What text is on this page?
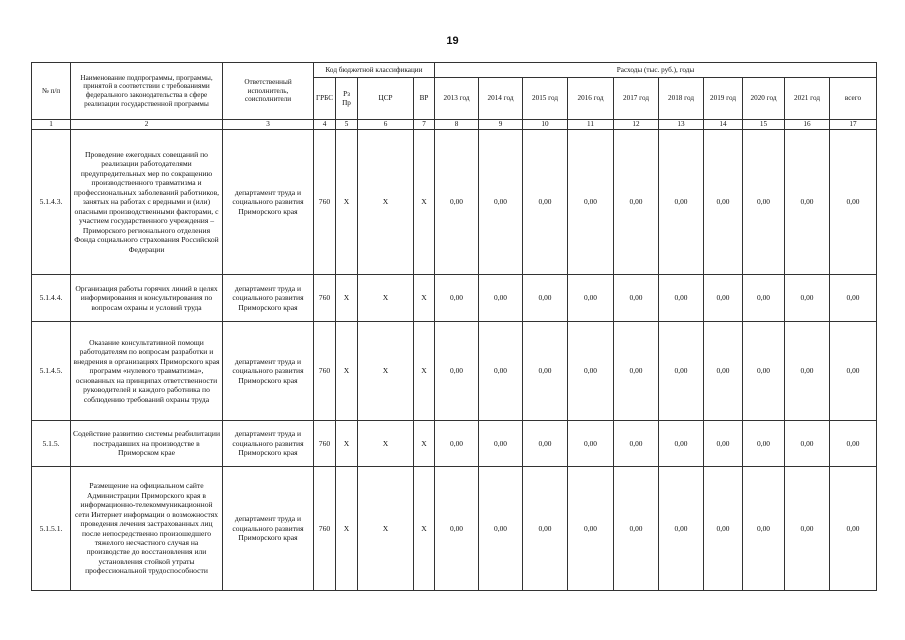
19
№ п/п	Наименование подпрограммы, программы, принятой в соответствии с требованиями федерального законодательства в сфере реализации государственной программы	Ответственный исполнитель, соисполнители	Код бюджетной классификации				Расходы (тыс. руб.), годы									
			ГРБС	Рз Пр	ЦСР	ВР	2013 год	2014 год	2015 год	2016 год	2017 год	2018 год	2019 год	2020 год	2021 год	всего
1	2	3	4	5	6	7	8	9	10	11	12	13	14	15	16	17
5.1.4.3.	Проведение ежегодных совещаний по реализации работодателями предупредительных мер по сокращению производственного травматизма и профессиональных заболеваний работников, занятых на работах с вредными и (или) опасными производственными факторами, с участием государственного учреждения – Приморского регионального отделения Фонда социального страхования Российской Федерации	департамент труда и социального развития Приморского края	760	X	X	X	0,00	0,00	0,00	0,00	0,00	0,00	0,00	0,00	0,00	0,00
5.1.4.4.	Организация работы горячих линий в целях информирования и консультирования по вопросам охраны и условий труда	департамент труда и социального развития Приморского края	760	X	X	X	0,00	0,00	0,00	0,00	0,00	0,00	0,00	0,00	0,00	0,00
5.1.4.5.	Оказание консультативной помощи работодателям по вопросам разработки и внедрения в организациях Приморского края программ «нулевого травматизма», основанных на принципах ответственности руководителей и каждого работника по соблюдению требований охраны труда	департамент труда и социального развития Приморского края	760	X	X	X	0,00	0,00	0,00	0,00	0,00	0,00	0,00	0,00	0,00	0,00
5.1.5.	Содействие развитию системы реабилитации пострадавших на производстве в Приморском крае	департамент труда и социального развития Приморского края	760	X	X	X	0,00	0,00	0,00	0,00	0,00	0,00	0,00	0,00	0,00	0,00
5.1.5.1.	Размещение на официальном сайте Администрации Приморского края в информационно-телекоммуникационной сети Интернет информации о возможностях проведения лечения застрахованных лиц после непосредственно произошедшего тяжелого несчастного случая на производстве до восстановления или установления стойкой утраты профессиональной трудоспособности	департамент труда и социального развития Приморского края	760	X	X	X	0,00	0,00	0,00	0,00	0,00	0,00	0,00	0,00	0,00	0,00
